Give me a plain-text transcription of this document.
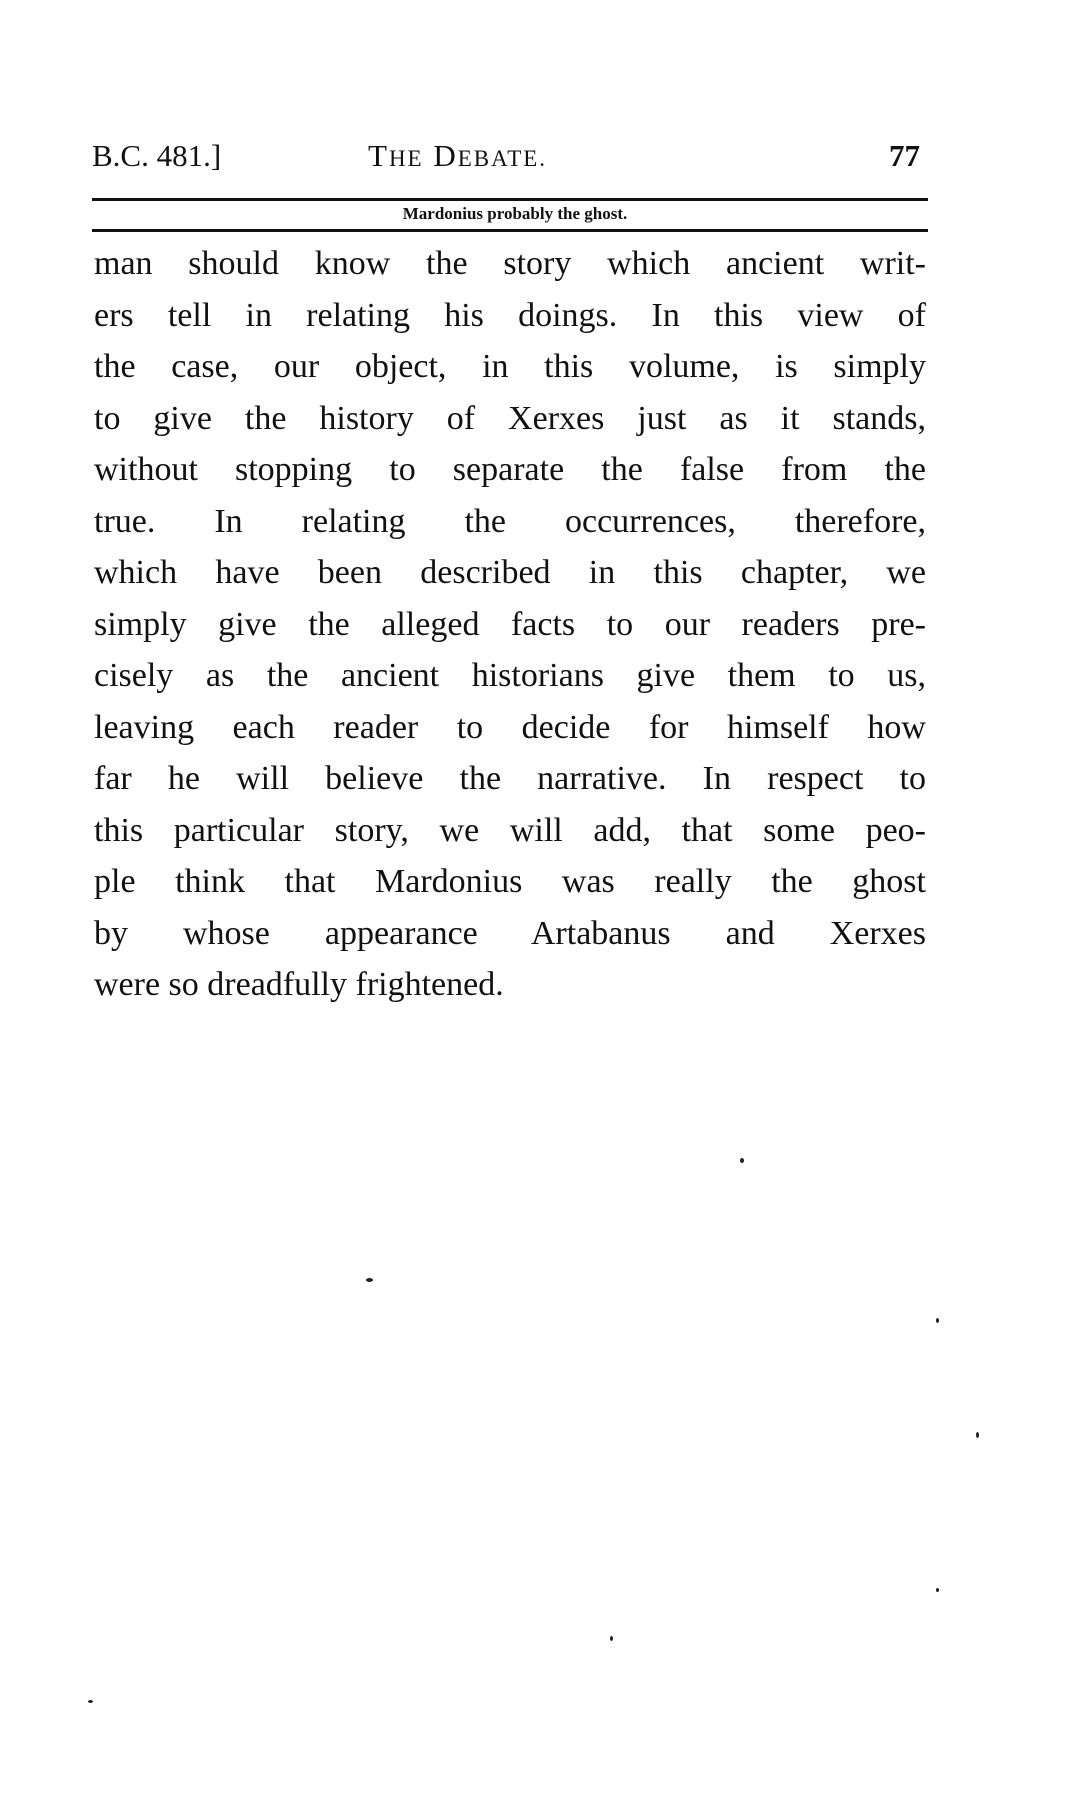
B.C. 481.]	THE DEBATE.	77
Mardonius probably the ghost.
man should know the story which ancient writ-
ers tell in relating his doings. In this view of
the case, our object, in this volume, is simply
to give the history of Xerxes just as it stands,
without stopping to separate the false from the
true. In relating the occurrences, therefore,
which have been described in this chapter, we
simply give the alleged facts to our readers pre-
cisely as the ancient historians give them to us,
leaving each reader to decide for himself how
far he will believe the narrative. In respect to
this particular story, we will add, that some peo-
ple think that Mardonius was really the ghost
by whose appearance Artabanus and Xerxes
were so dreadfully frightened.
